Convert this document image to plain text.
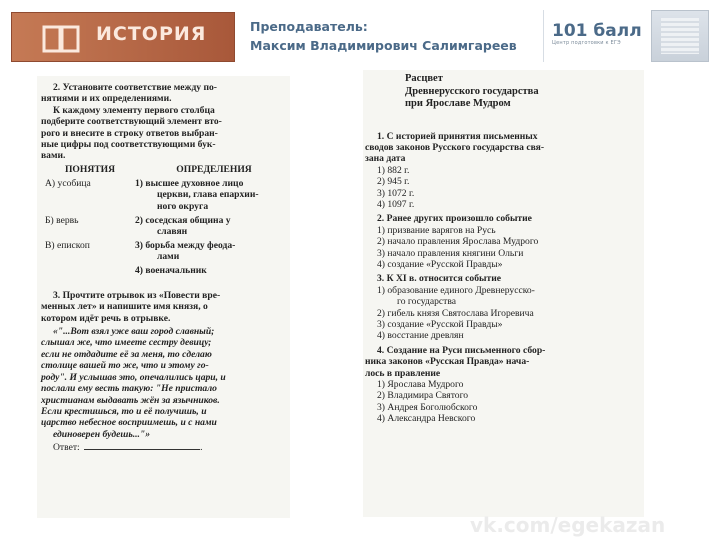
ИСТОРИЯ	Преподаватель:
Максим Владимирович Салимгареев
101 балл
Центр подготовки к ЕГЭ
2. Установите соответствие между по-
нятиями и их определениями.
К каждому элементу первого столбца
подберите соответствующий элемент вто-
рого и внесите в строку ответов выбран-
ные цифры под соответствующими бук-
вами.
ПОНЯТИЯ
А) усобица
Б) вервь
В) епископ
ОПРЕДЕЛЕНИЯ
1) высшее духовное лицо
церкви, глава епархии-
ного округа
2) соседская община у
славян
3) борьба между феода-
лами
4) военачальник
3. Прочтите отрывок из «Повести вре-
менных лет» и напишите имя князя, о
котором идёт речь в отрывке.
«"...Вот взял уже ваш город славный;
слышал же, что имеете сестру девицу;
если не отдадите её за меня, то сделаю
столице вашей то же, что и этому го-
роду". И услышав это, опечалились цари, и
послали ему весть такую: "Не пристало
христианам выдавать жён за язычников.
Если крестишься, то и её получишь, и
царство небесное восприимешь, и с нами
единоверен будешь..."»
Ответ:	.
Расцвет
Древнерусского государства
при Ярославе Мудром
1. С историей принятия письменных
сводов законов Русского государства свя-
зана дата
1) 882 г.
2) 945 г.
3) 1072 г.
4) 1097 г.
2. Ранее других произошло событие
1) призвание варягов на Русь
2) начало правления Ярослава Мудрого
3) начало правления княгини Ольги
4) создание «Русской Правды»
3. К XI в. относится событие
1) образование единого Древнерусско-
го государства
2) гибель князя Святослава Игоревича
3) создание «Русской Правды»
4) восстание древлян
4. Создание на Руси письменного сбор-
ника законов «Русская Правда» нача-
лось в правление
1) Ярослава Мудрого
2) Владимира Святого
3) Андрея Боголюбского
4) Александра Невского
vk.com/egekazan
